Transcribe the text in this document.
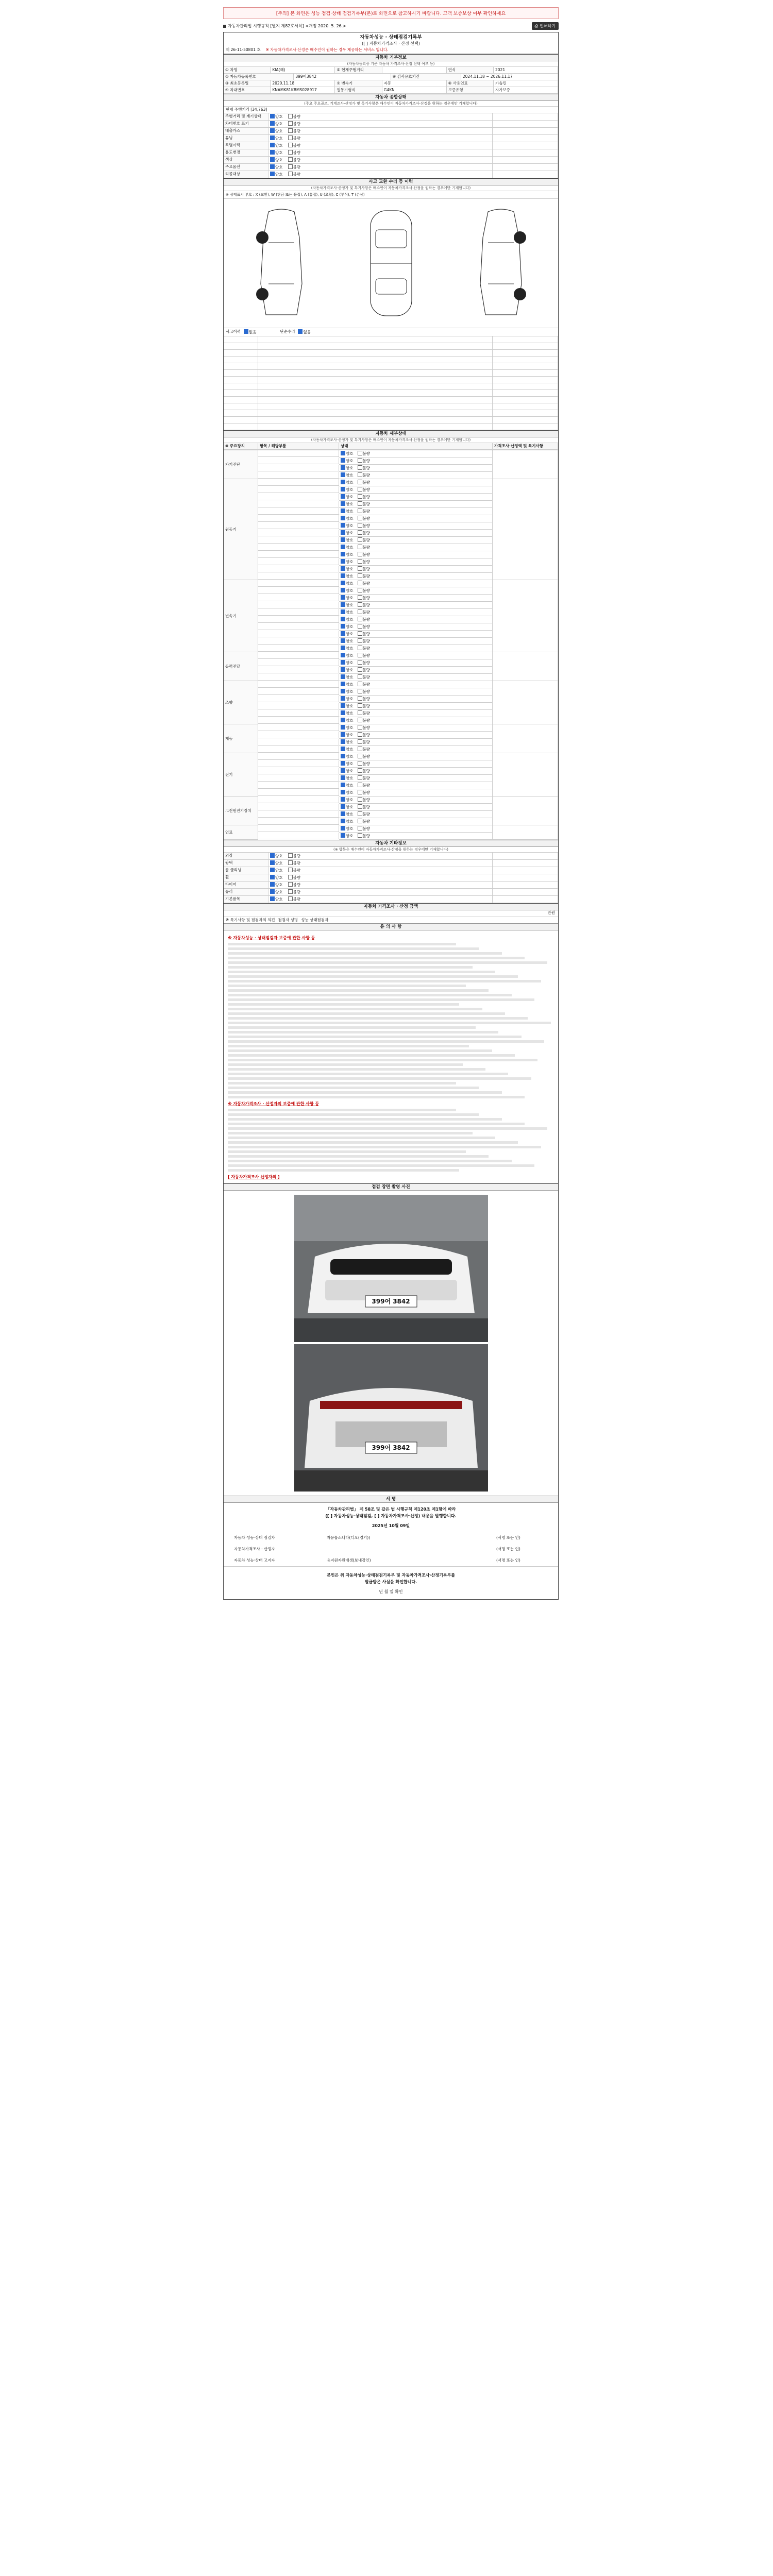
[주의] 본 화면은 성능 점검·상태 점검기록부(본)로 화면으로 참고하시기 바랍니다. 고객 보증보상 여부 확인하세요
자동차관리법 시행규칙 [별지 제82호서식] <개정 2020. 5. 26.>	⎙ 인쇄하기
자동차성능 · 상태점검기록부
([ ] 자동차가격조사 · 산정 선택)
제 26-11-50801 호 ※ 자동차가격조사·산정은 매수인이 원하는 경우 제공하는 서비스 입니다.
자동차 기본정보
(자동차등록증 기준 자동차 가격조사·산정 선택 여부 등)
① 차명	KIA(혜)	⑤ 현재주행거리	연식	2021
② 자동차등록번호	399어3842	⑥ 검사유효기간	2024.11.18 ~ 2026.11.17
③ 최초등록일	2020.11.18	⑦ 변속기	자동	⑧ 사용연료	가솔린
④ 차대번호	KNAMK81KBMS028917	원동기형식	G4KN	보증유형	자가보증
자동차 종합상태
(주요 주요골조, 기계조사·산정가 및 특기사항은 매수인이 자동차가격조사·산정을 원하는 경우에만 기재합니다)
현재 주행거리 [34,763]
주행거리 및 계기상태	양호	불량
차대번호 표기	양호	불량
배출가스	양호	불량
튜닝	양호	불량
특별이력	양호	불량
용도변경	양호	불량
색상	양호	불량
주요옵션	양호	불량
리콜대상	양호	불량
사고 교환 수리 등 이력
(자동차가격조사·산정가 및 특기사항은 매수인이 자동차가격조사·산정을 원하는 경우에만 기재합니다)
※ 상태표시 부호 : X (교환), W (판금 또는 용접), A (흠집), U (요철), C (부식), T (손상)
사고이력	없음	단순수리	없음
자동차 세부상태
(자동차가격조사·산정가 및 특기사항은 매수인이 자동차가격조사·산정을 원하는 경우에만 기재합니다)
⑩ 주요장치	항목 / 해당부품	상태	가격조사·산정액 및 특기사항
자기진단
양호 불량
양호 불량
양호 불량
양호 불량
원동기
양호 불량
양호 불량
양호 불량
양호 불량
양호 불량
양호 불량
양호 불량
양호 불량
양호 불량
양호 불량
양호 불량
양호 불량
양호 불량
양호 불량
변속기
양호 불량
양호 불량
양호 불량
양호 불량
양호 불량
양호 불량
양호 불량
양호 불량
양호 불량
양호 불량
동력전달
양호 불량
양호 불량
양호 불량
양호 불량
조향
양호 불량
양호 불량
양호 불량
양호 불량
양호 불량
양호 불량
제동
양호 불량
양호 불량
양호 불량
양호 불량
전기
양호 불량
양호 불량
양호 불량
양호 불량
양호 불량
양호 불량
고전원전기장치
양호 불량
양호 불량
양호 불량
양호 불량
연료
양호 불량
양호 불량
자동차 기타정보
(※ 항목은 매수인이 자동차가격조사·산정을 원하는 경우에만 기재합니다)
외장	양호	불량
광택	양호	불량
룸 클리닝	양호	불량
휠	양호	불량
타이어	양호	불량
유리	양호	불량
기본품목	양호	불량
자동차 가격조사 · 산정 금액
만원
※ 특기사항 및 점검자의 의견 점검자 성명 성능 상태점검자
유 의 사 항
※ 자동차성능 · 상태점검자 보증에 관한 사항 등
※ 자동차가격조사 · 산정자의 보증에 관한 사항 등
[ 자동차가격조사 산정자의 ]
점검 장면 촬영 사진
399어 3842
399어 3842
서 명
「자동차관리법」 제 58조 및 같은 법 시행규칙 제120조 제1항에 따라
([ ] 자동차성능·상태점검, [ ] 자동차가격조사·산정) 내용을 발행합니다.
2025년 10월 09일
자동차 성능·상태 점검자	자유롭소나타(디오(경기))	(서명 또는 인)
자동차가격조사 · 산정자	(서명 또는 인)
자동차 성능·상태 고지자	용지원자원매생(보내강인)	(서명 또는 인)
본인은 위 자동차성능·상태점검기록부 및 자동차가격조사·산정기록부를
발급받은 사실을 확인합니다.
년 월 일 확인
